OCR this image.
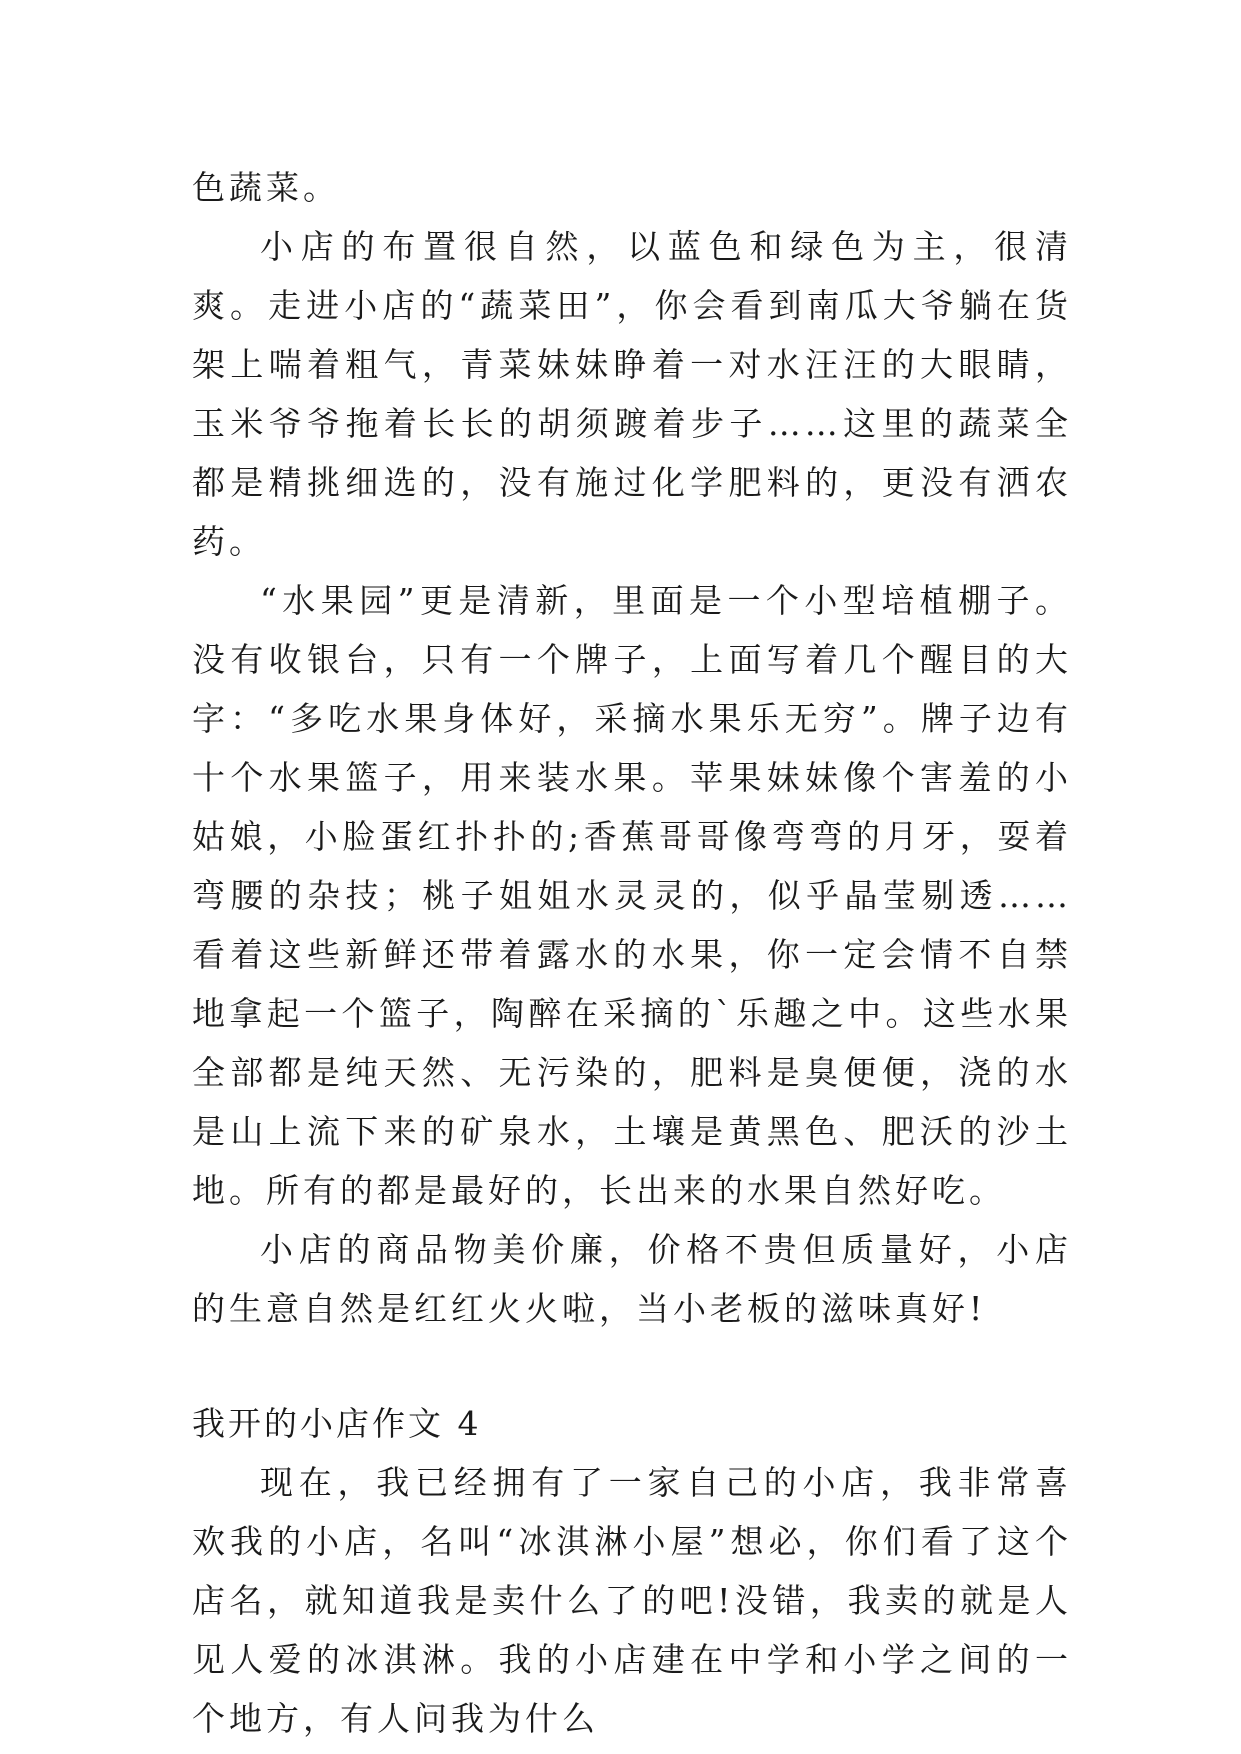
色蔬菜。

小店的布置很自然，以蓝色和绿色为主，很清爽。走进小店的“蔬菜田”，你会看到南瓜大爷躺在货架上喘着粗气，青菜妹妹睁着一对水汪汪的大眼睛，玉米爷爷拖着长长的胡须踱着步子……这里的蔬菜全都是精挑细选的，没有施过化学肥料的，更没有洒农药。

“水果园”更是清新，里面是一个小型培植棚子。没有收银台，只有一个牌子，上面写着几个醒目的大字：“多吃水果身体好，采摘水果乐无穷”。牌子边有十个水果篮子，用来装水果。苹果妹妹像个害羞的小姑娘，小脸蛋红扑扑的;香蕉哥哥像弯弯的月牙，耍着弯腰的杂技；桃子姐姐水灵灵的，似乎晶莹剔透……看着这些新鲜还带着露水的水果，你一定会情不自禁地拿起一个篮子，陶醉在采摘的`乐趣之中。这些水果全部都是纯天然、无污染的，肥料是臭便便，浇的水是山上流下来的矿泉水，土壤是黄黑色、肥沃的沙土地。所有的都是最好的，长出来的水果自然好吃。

小店的商品物美价廉，价格不贵但质量好，小店的生意自然是红红火火啦，当小老板的滋味真好!

我开的小店作文 4

现在，我已经拥有了一家自己的小店，我非常喜欢我的小店，名叫“冰淇淋小屋”想必，你们看了这个店名，就知道我是卖什么了的吧!没错，我卖的就是人见人爱的冰淇淋。我的小店建在中学和小学之间的一个地方，有人问我为什么
